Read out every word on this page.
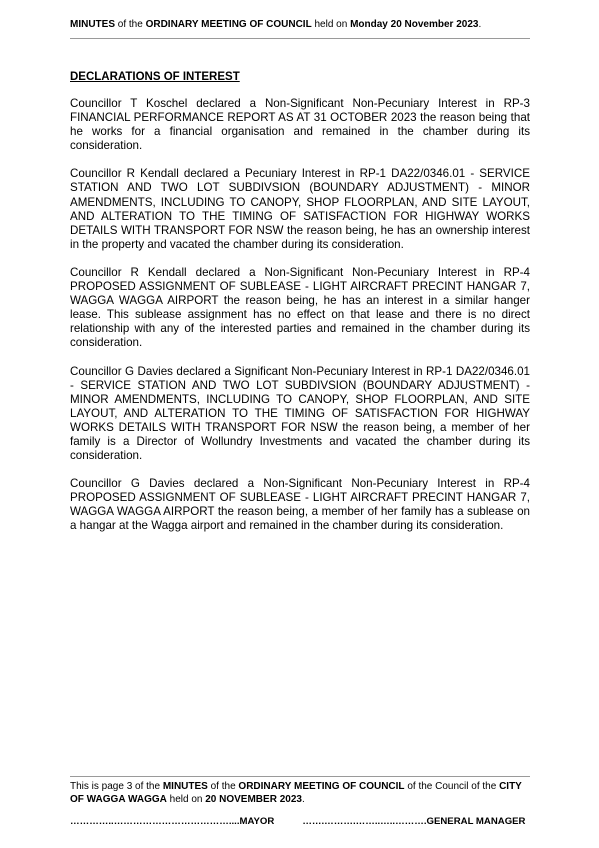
MINUTES of the ORDINARY MEETING OF COUNCIL held on Monday 20 November 2023.
DECLARATIONS OF INTEREST

Councillor T Koschel declared a Non-Significant Non-Pecuniary Interest in RP-3 FINANCIAL PERFORMANCE REPORT AS AT 31 OCTOBER 2023 the reason being that he works for a financial organisation and remained in the chamber during its consideration.

Councillor R Kendall declared a Pecuniary Interest in RP-1 DA22/0346.01 - SERVICE STATION AND TWO LOT SUBDIVSION (BOUNDARY ADJUSTMENT) - MINOR AMENDMENTS, INCLUDING TO CANOPY, SHOP FLOORPLAN, AND SITE LAYOUT, AND ALTERATION TO THE TIMING OF SATISFACTION FOR HIGHWAY WORKS DETAILS WITH TRANSPORT FOR NSW the reason being, he has an ownership interest in the property and vacated the chamber during its consideration.

Councillor R Kendall declared a Non-Significant Non-Pecuniary Interest in RP-4 PROPOSED ASSIGNMENT OF SUBLEASE - LIGHT AIRCRAFT PRECINT HANGAR 7, WAGGA WAGGA AIRPORT the reason being, he has an interest in a similar hanger lease. This sublease assignment has no effect on that lease and there is no direct relationship with any of the interested parties and remained in the chamber during its consideration.

Councillor G Davies declared a Significant Non-Pecuniary Interest in RP-1 DA22/0346.01 - SERVICE STATION AND TWO LOT SUBDIVSION (BOUNDARY ADJUSTMENT) - MINOR AMENDMENTS, INCLUDING TO CANOPY, SHOP FLOORPLAN, AND SITE LAYOUT, AND ALTERATION TO THE TIMING OF SATISFACTION FOR HIGHWAY WORKS DETAILS WITH TRANSPORT FOR NSW the reason being, a member of her family is a Director of Wollundry Investments and vacated the chamber during its consideration.

Councillor G Davies declared a Non-Significant Non-Pecuniary Interest in RP-4 PROPOSED ASSIGNMENT OF SUBLEASE - LIGHT AIRCRAFT PRECINT HANGAR 7, WAGGA WAGGA AIRPORT the reason being, a member of her family has a sublease on a hangar at the Wagga airport and remained in the chamber during its consideration.

This is page 3 of the MINUTES of the ORDINARY MEETING OF COUNCIL of the Council of the CITY OF WAGGA WAGGA held on 20 NOVEMBER 2023.
…………..………………………………....MAYOR	…….……….……..…..……….GENERAL MANAGER
